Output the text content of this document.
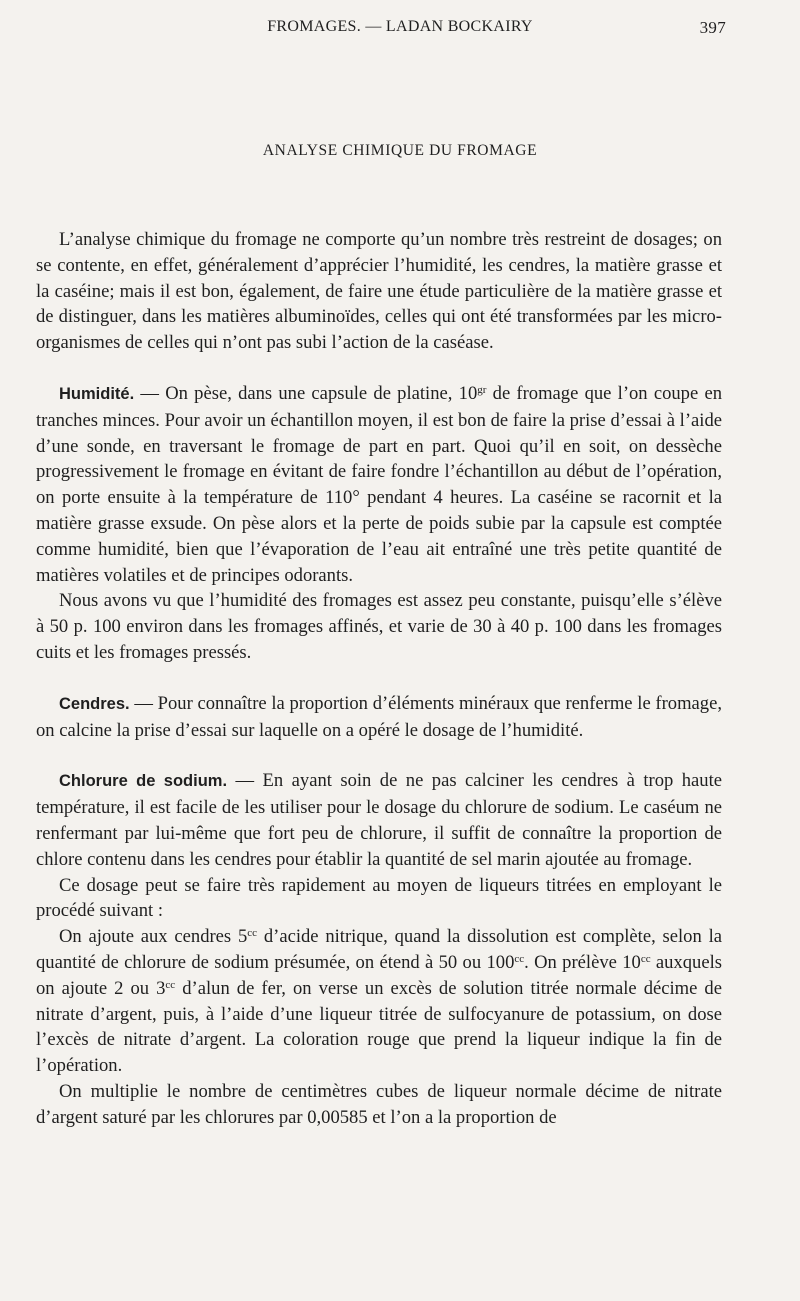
FROMAGES. — LADAN BOCKAIRY	397
ANALYSE CHIMIQUE DU FROMAGE

L’analyse chimique du fromage ne comporte qu’un nombre très restreint de dosages; on se contente, en effet, généralement d’apprécier l’humidité, les cendres, la matière grasse et la caséine; mais il est bon, également, de faire une étude particulière de la matière grasse et de distinguer, dans les matières albuminoïdes, celles qui ont été transformées par les micro-organismes de celles qui n’ont pas subi l’action de la caséase.

Humidité. — On pèse, dans une capsule de platine, $10^{gr}$ de fromage que l’on coupe en tranches minces. Pour avoir un échantillon moyen, il est bon de faire la prise d’essai à l’aide d’une sonde, en traversant le fromage de part en part. Quoi qu’il en soit, on dessèche progressivement le fromage en évitant de faire fondre l’échantillon au début de l’opération, on porte ensuite à la température de 110° pendant 4 heures. La caséine se racornit et la matière grasse exsude. On pèse alors et la perte de poids subie par la capsule est comptée comme humidité, bien que l’évaporation de l’eau ait entraîné une très petite quantité de matières volatiles et de principes odorants.

Nous avons vu que l’humidité des fromages est assez peu constante, puisqu’elle s’élève à 50 p. 100 environ dans les fromages affinés, et varie de 30 à 40 p. 100 dans les fromages cuits et les fromages pressés.

Cendres. — Pour connaître la proportion d’éléments minéraux que renferme le fromage, on calcine la prise d’essai sur laquelle on a opéré le dosage de l’humidité.

Chlorure de sodium. — En ayant soin de ne pas calciner les cendres à trop haute température, il est facile de les utiliser pour le dosage du chlorure de sodium. Le caséum ne renfermant par lui-même que fort peu de chlorure, il suffit de connaître la proportion de chlore contenu dans les cendres pour établir la quantité de sel marin ajoutée au fromage.

Ce dosage peut se faire très rapidement au moyen de liqueurs titrées en employant le procédé suivant :

On ajoute aux cendres $5^{cc}$ d’acide nitrique, quand la dissolution est complète, selon la quantité de chlorure de sodium présumée, on étend à 50 ou $100^{cc}$. On prélève $10^{cc}$ auxquels on ajoute 2 ou $3^{cc}$ d’alun de fer, on verse un excès de solution titrée normale décime de nitrate d’argent, puis, à l’aide d’une liqueur titrée de sulfocyanure de potassium, on dose l’excès de nitrate d’argent. La coloration rouge que prend la liqueur indique la fin de l’opération.

On multiplie le nombre de centimètres cubes de liqueur normale décime de nitrate d’argent saturé par les chlorures par 0,00585 et l’on a la proportion de
